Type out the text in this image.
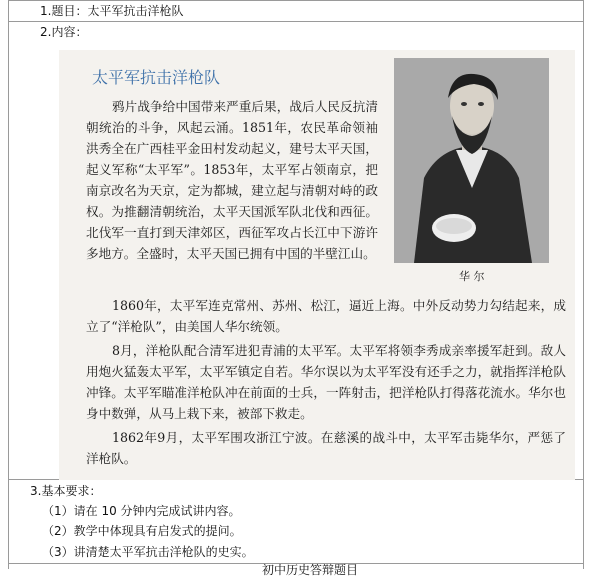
1.题目：太平军抗击洋枪队
2.内容：
太平军抗击洋枪队

鸦片战争给中国带来严重后果，战后人民反抗清朝统治的斗争，风起云涌。1851年，农民革命领袖洪秀全在广西桂平金田村发动起义，建号太平天国，起义军称“太平军”。1853年，太平军占领南京，把南京改名为天京，定为都城，建立起与清朝对峙的政权。为推翻清朝统治，太平天国派军队北伐和西征。北伐军一直打到天津郊区，西征军攻占长江中下游许多地方。全盛时，太平天国已拥有中国的半壁江山。

华 尔

1860年，太平军连克常州、苏州、松江，逼近上海。中外反动势力勾结起来，成立了“洋枪队”，由美国人华尔统领。

8月，洋枪队配合清军进犯青浦的太平军。太平军将领李秀成亲率援军赶到。敌人用炮火猛轰太平军，太平军镇定自若。华尔误以为太平军没有还手之力，就指挥洋枪队冲锋。太平军瞄准洋枪队冲在前面的士兵，一阵射击，把洋枪队打得落花流水。华尔也身中数弹，从马上栽下来，被部下救走。

1862年9月，太平军围攻浙江宁波。在慈溪的战斗中，太平军击毙华尔，严惩了洋枪队。

3.基本要求：
（1）请在 10 分钟内完成试讲内容。
（2）教学中体现具有启发式的提问。
（3）讲清楚太平军抗击洋枪队的史实。
初中历史答辩题目
